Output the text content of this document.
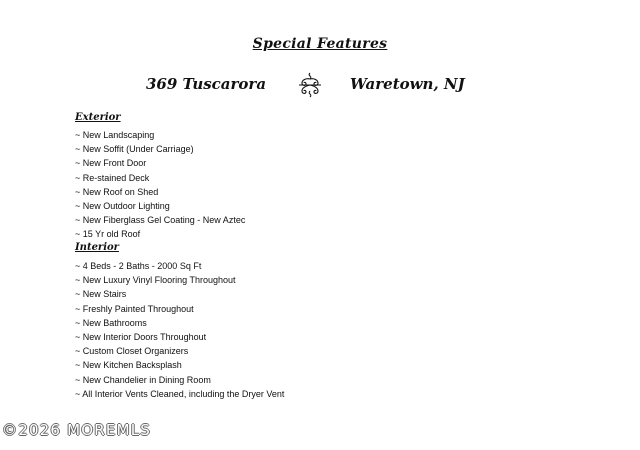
Special Features
369 Tuscarora	Waretown, NJ
Exterior
~ New Landscaping
~ New Soffit (Under Carriage)
~ New Front Door
~ Re-stained Deck
~ New Roof on Shed
~ New Outdoor Lighting
~ New Fiberglass Gel Coating - New Aztec
~ 15 Yr old Roof
Interior
~ 4 Beds - 2 Baths - 2000 Sq Ft
~ New Luxury Vinyl Flooring Throughout
~ New Stairs
~ Freshly Painted Throughout
~ New Bathrooms
~ New Interior Doors Throughout
~ Custom Closet Organizers
~ New Kitchen Backsplash
~ New Chandelier in Dining Room
~ All Interior Vents Cleaned, including the Dryer Vent
©2026 MOREMLS
